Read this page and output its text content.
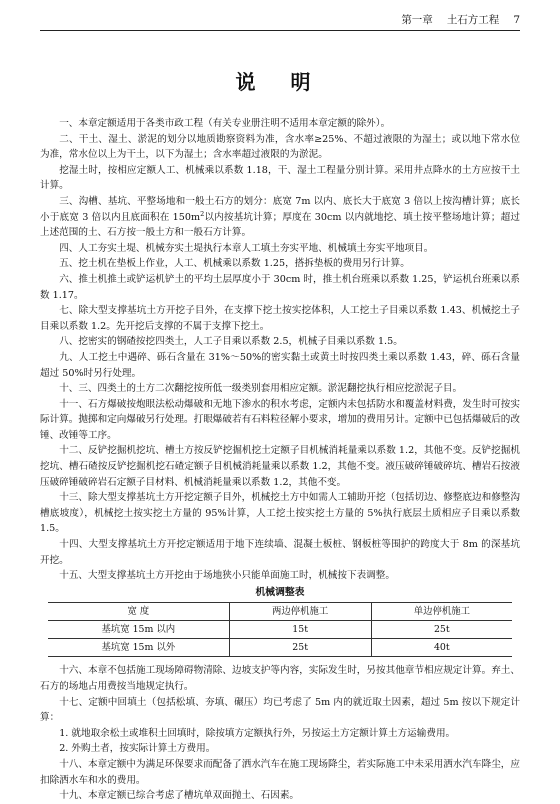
第一章 土石方工程 7
说 明

一、本章定额适用于各类市政工程（有关专业册注明不适用本章定额的除外）。

二、干土、湿土、淤泥的划分以地质勘察资料为准，含水率≥25%、不超过液限的为湿土；或以地下常水位为准，常水位以上为干土，以下为湿土；含水率超过液限的为淤泥。

挖湿土时，按相应定额人工、机械乘以系数 1.18，干、湿土工程量分别计算。采用井点降水的土方应按干土计算。

三、沟槽、基坑、平整场地和一般土石方的划分：底宽 7m 以内、底长大于底宽 3 倍以上按沟槽计算；底长小于底宽 3 倍以内且底面积在 $150m^2$以内按基坑计算；厚度在 30cm 以内就地挖、填土按平整场地计算；超过上述范围的土、石方按一般土方和一般石方计算。

四、人工夯实土堤、机械夯实土堤执行本章人工填土夯实平地、机械填土夯实平地项目。

五、挖土机在垫板上作业，人工、机械乘以系数 1.25，搭拆垫板的费用另行计算。

六、推土机推土或铲运机铲土的平均土层厚度小于 30cm 时，推土机台班乘以系数 1.25，铲运机台班乘以系数 1.17。

七、除大型支撑基坑土方开挖子目外，在支撑下挖土按实挖体积，人工挖土子目乘以系数 1.43、机械挖土子目乘以系数 1.2。先开挖后支撑的不属于支撑下挖土。

八、挖密实的钢碴按挖四类土，人工子目乘以系数 2.5，机械子目乘以系数 1.5。

九、人工挖土中遇碎、砾石含量在 31%～50%的密实黏土或黄土时按四类土乘以系数 1.43，碎、砾石含量超过 50%时另行处理。

十、三、四类土的土方二次翻挖按所低一级类别套用相应定额。淤泥翻挖执行相应挖淤泥子目。

十一、石方爆破按炮眼法松动爆破和无地下渗水的积水考虑，定额内未包括防水和覆盖材料费，发生时可按实际计算。抛掷和定向爆破另行处理。打眼爆破若有石料粒径解小要求，增加的费用另计。定额中已包括爆破后的改锤、改锤等工序。

十二、反铲挖掘机挖坑、槽土方按反铲挖掘机挖土定额子目机械消耗量乘以系数 1.2，其他不变。反铲挖掘机挖坑、槽石碴按反铲挖掘机挖石碴定额子目机械消耗量乘以系数 1.2，其他不变。液压破碎锤破碎坑、槽岩石按液压破碎锤破碎岩石定额子目材料、机械消耗量乘以系数 1.2，其他不变。

十三、除大型支撑基坑土方开挖定额子目外，机械挖土方中如需人工辅助开挖（包括切边、修整底边和修整沟槽底坡度），机械挖土按实挖土方量的 95%计算，人工挖土按实挖土方量的 5%执行底层土质相应子目乘以系数 1.5。

十四、大型支撑基坑土方开挖定额适用于地下连续墙、混凝土板桩、钢板桩等围护的跨度大于 8m 的深基坑开挖。

十五、大型支撑基坑土方开挖由于场地狭小只能单面施工时，机械按下表调整。

机械调整表
宽 度	两边停机施工	单边停机施工
基坑宽 15m 以内	15t	25t
基坑宽 15m 以外	25t	40t

十六、本章不包括施工现场障碍物清除、边坡支护等内容，实际发生时，另按其他章节相应规定计算。弃土、石方的场地占用费按当地规定执行。

十七、定额中回填土（包括松填、夯填、碾压）均已考虑了 5m 内的就近取土因素，超过 5m 按以下规定计算：

1. 就地取余松土或堆积土回填时，除按填方定额执行外，另按运土方定额计算土方运输费用。

2. 外购土者，按实际计算土方费用。

十八、本章定额中为满足环保要求而配备了洒水汽车在施工现场降尘，若实际施工中未采用洒水汽车降尘，应扣除洒水车和水的费用。

十九、本章定额已综合考虑了槽坑单双面抛土、石因素。
